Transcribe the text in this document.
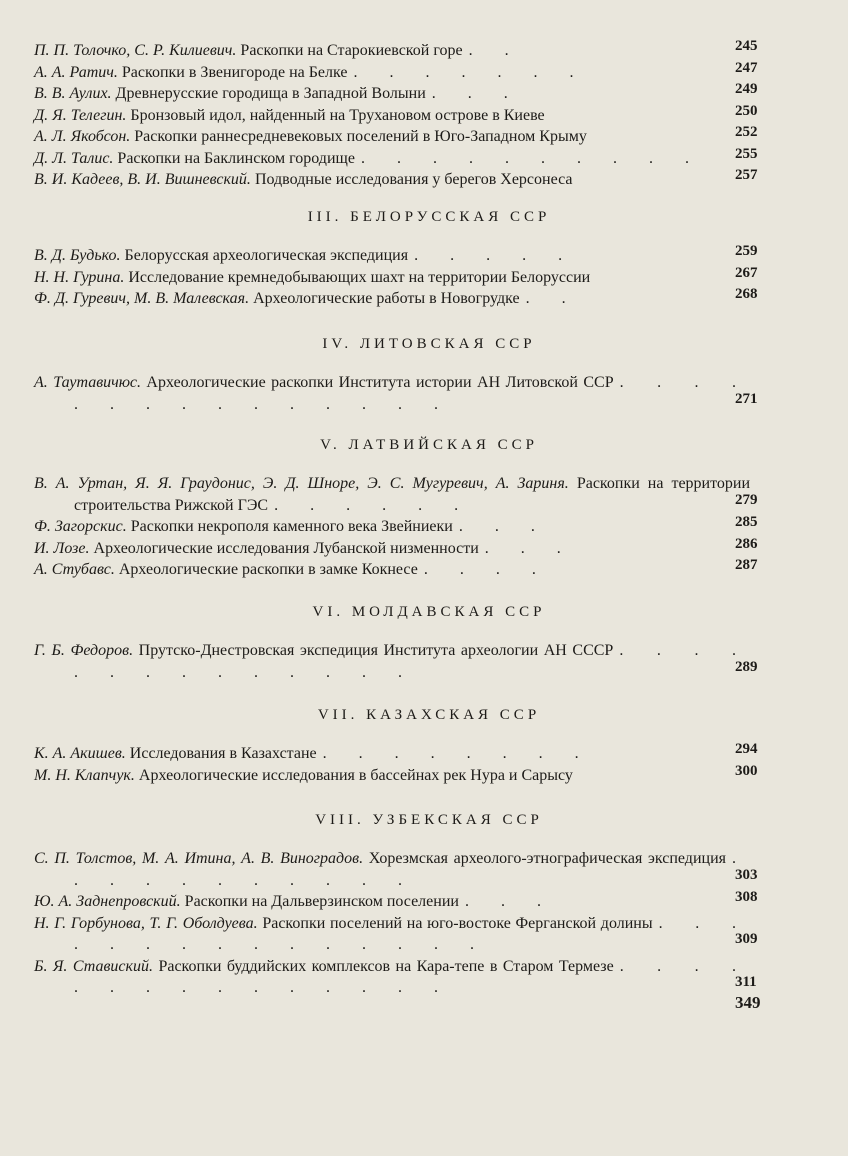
П. П. Толочко, С. Р. Килиевич. Раскопки на Старокиевской горе . .	245
А. А. Ратич. Раскопки в Звенигороде на Белке . . . . . . .	247
В. В. Аулих. Древнерусские городища в Западной Волыни . . .	249
Д. Я. Телегин. Бронзовый идол, найденный на Трухановом острове в Киеве	250
А. Л. Якобсон. Раскопки раннесредневековых поселений в Юго-Западном Крыму	252
Д. Л. Талис. Раскопки на Баклинском городище . . . . . . . . . .	255
В. И. Кадеев, В. И. Вишневский. Подводные исследования у берегов Херсонеса	257
III. БЕЛОРУССКАЯ ССР
В. Д. Будько. Белорусская археологическая экспедиция . . . . .	259
Н. Н. Гурина. Исследование кремнедобывающих шахт на территории Белоруссии	267
Ф. Д. Гуревич, М. В. Малевская. Археологические работы в Новогрудке . .	268
IV. ЛИТОВСКАЯ ССР
А. Таутавичюс. Археологические раскопки Института истории АН Литовской ССР . . . . . . . . . . . . . . .	271
V. ЛАТВИЙСКАЯ ССР
В. А. Уртан, Я. Я. Граудонис, Э. Д. Шноре, Э. С. Мугуревич, А. Зариня. Раскопки на территории строительства Рижской ГЭС . . . . . .	279
Ф. Загорскис. Раскопки некрополя каменного века Звейниеки . . .	285
И. Лозе. Археологические исследования Лубанской низменности . . .	286
А. Стубавс. Археологические раскопки в замке Кокнесе . . . .	287
VI. МОЛДАВСКАЯ ССР
Г. Б. Федоров. Прутско-Днестровская экспедиция Института археологии АН СССР . . . . . . . . . . . . . .	289
VII. КАЗАХСКАЯ ССР
К. А. Акишев. Исследования в Казахстане . . . . . . . .	294
М. Н. Клапчук. Археологические исследования в бассейнах рек Нура и Сарысу	300
VIII. УЗБЕКСКАЯ ССР
С. П. Толстов, М. А. Итина, А. В. Виноградов. Хорезмская археолого-этнографическая экспедиция . . . . . . . . . . .	303
Ю. А. Заднепровский. Раскопки на Дальверзинском поселении . . .	308
Н. Г. Горбунова, Т. Г. Оболдуева. Раскопки поселений на юго-востоке Ферганской долины . . . . . . . . . . . . . . .	309
Б. Я. Ставиский. Раскопки буддийских комплексов на Кара-тепе в Старом Термезе . . . . . . . . . . . . . . .	311
349
